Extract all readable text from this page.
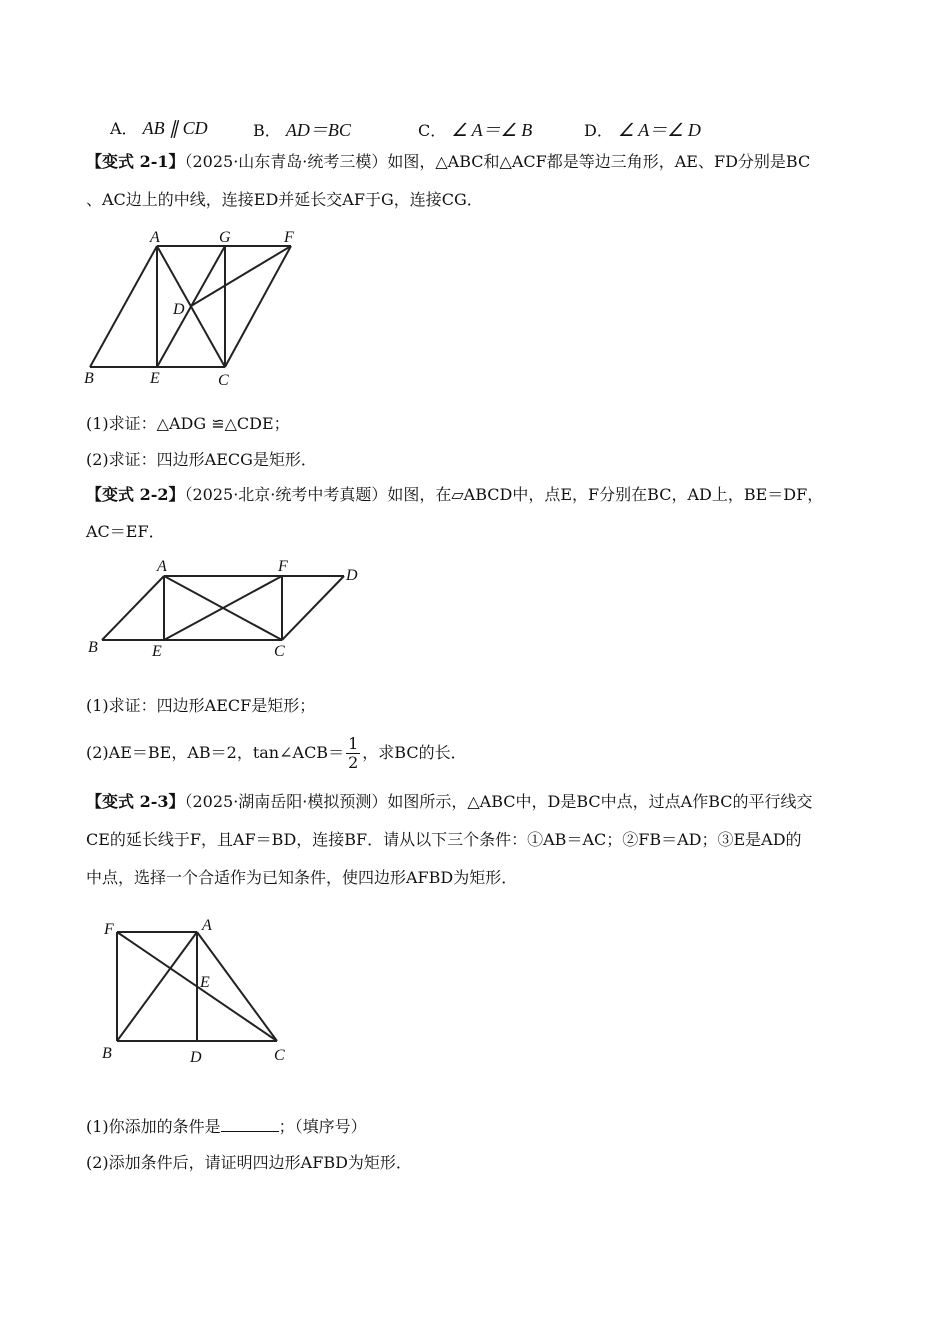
A． AB ∥ CD	B． AD＝BC	C． ∠ A＝∠ B	D． ∠ A＝∠ D
【变式 2-1】（2025·山东青岛·统考三模）如图，△ABC和△ACF都是等边三角形，AE、FD分别是BC
、AC边上的中线，连接ED并延长交AF于G，连接CG．
A	G	F
D
B	E	C
(1)求证：△ADG ≌△CDE；
(2)求证：四边形AECG是矩形．
【变式 2-2】（2025·北京·统考中考真题）如图，在▱ABCD中，点E，F分别在BC，AD上，BE＝DF，
AC＝EF．
A	F
D
B	E	C
(1)求证：四边形AECF是矩形；
(2)AE＝BE，AB＝2，tan∠ACB＝ $\frac{1}{2}$ ，求BC的长．
【变式 2-3】（2025·湖南岳阳·模拟预测）如图所示，△ABC中，D是BC中点，过点A作BC的平行线交
CE的延长线于F，且AF＝BD，连接BF．请从以下三个条件：①AB＝AC；②FB＝AD；③E是AD的
中点，选择一个合适作为已知条件，使四边形AFBD为矩形．
F	A
E
B	D	C
(1)你添加的条件是	；（填序号）
(2)添加条件后，请证明四边形AFBD为矩形．
